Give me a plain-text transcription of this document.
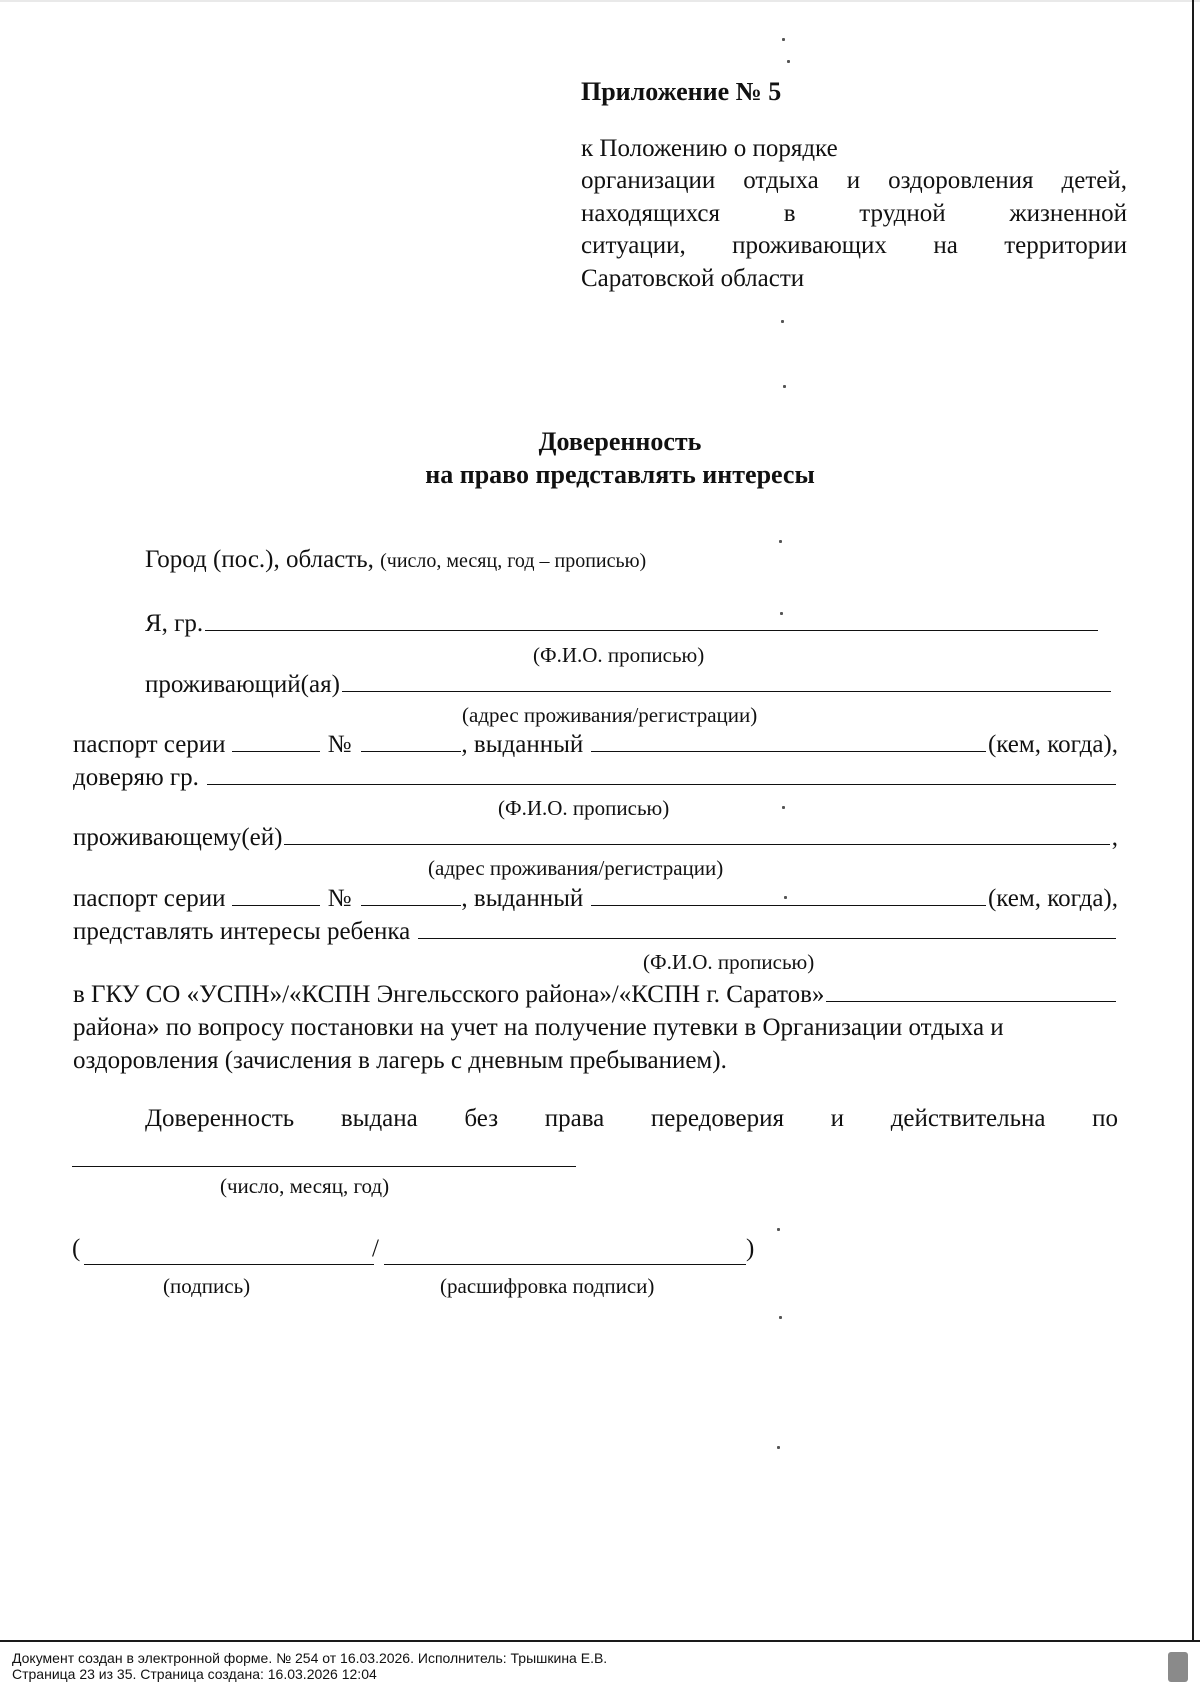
Приложение № 5
к Положению о порядке
организации отдыха и оздоровления детей,
находящихся в трудной жизненной
ситуации, проживающих на территории
Саратовской области
Доверенность
на право представлять интересы
Город (пос.), область, (число, месяц, год – прописью)
Я, гр.
(Ф.И.О. прописью)
проживающий(ая)
(адрес проживания/регистрации)
паспорт серии	№	, выданный	(кем, когда),
доверяю гр.
(Ф.И.О. прописью)
проживающему(ей)	,
(адрес проживания/регистрации)
паспорт серии	№	, выданный	(кем, когда),
представлять интересы ребенка
(Ф.И.О. прописью)
в ГКУ СО «УСПН»/«КСПН Энгельсского района»/«КСПН г. Саратов»
района» по вопросу постановки на учет на получение путевки в Организации отдыха и оздоровления (зачисления в лагерь с дневным пребыванием).
Доверенность выдана без права передоверия и действительна по
(число, месяц, год)
(	/	)
(подпись)	(расшифровка подписи)
Документ создан в электронной форме. № 254 от 16.03.2026. Исполнитель: Трышкина Е.В.
Страница 23 из 35. Страница создана: 16.03.2026 12:04
